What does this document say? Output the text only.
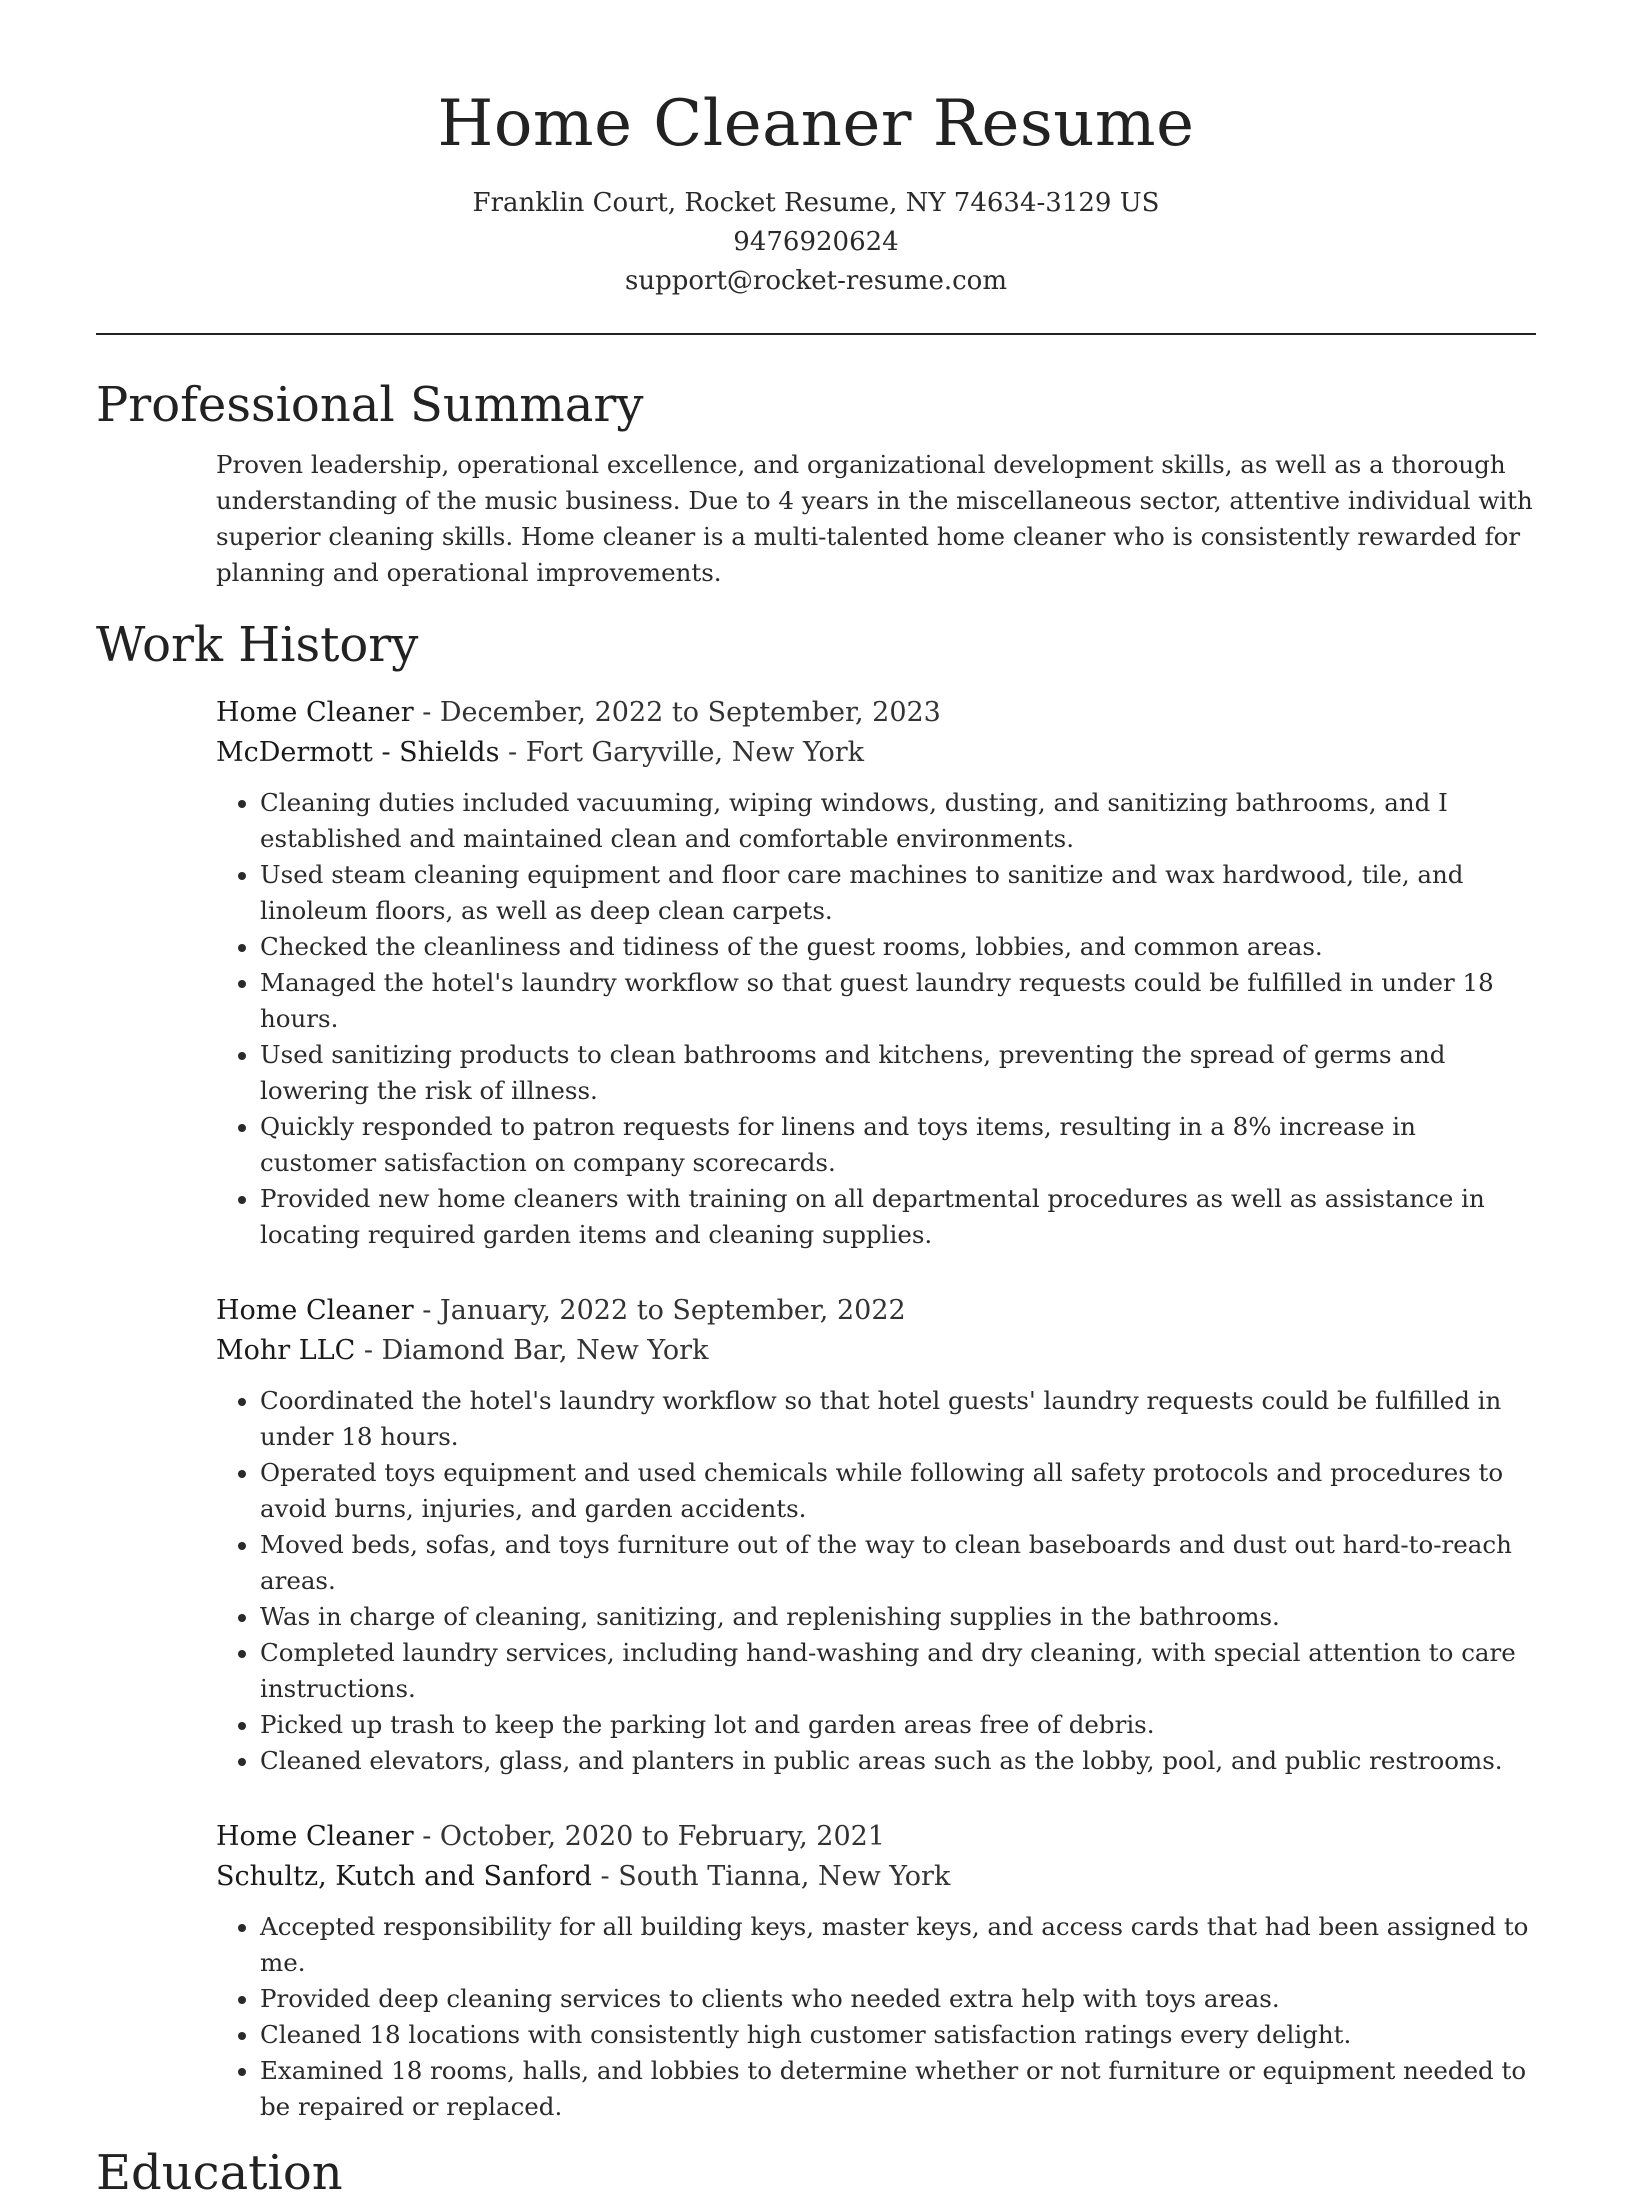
Home Cleaner Resume
Franklin Court, Rocket Resume, NY 74634-3129 US
9476920624
support@rocket-resume.com
Professional Summary

Proven leadership, operational excellence, and organizational development skills, as well as a thorough understanding of the music business. Due to 4 years in the miscellaneous sector, attentive individual with superior cleaning skills. Home cleaner is a multi-talented home cleaner who is consistently rewarded for planning and operational improvements.

Work History
Home Cleaner - December, 2022 to September, 2023
McDermott - Shields - Fort Garyville, New York
• Cleaning duties included vacuuming, wiping windows, dusting, and sanitizing bathrooms, and I established and maintained clean and comfortable environments.
• Used steam cleaning equipment and floor care machines to sanitize and wax hardwood, tile, and linoleum floors, as well as deep clean carpets.
• Checked the cleanliness and tidiness of the guest rooms, lobbies, and common areas.
• Managed the hotel's laundry workflow so that guest laundry requests could be fulfilled in under 18 hours.
• Used sanitizing products to clean bathrooms and kitchens, preventing the spread of germs and lowering the risk of illness.
• Quickly responded to patron requests for linens and toys items, resulting in a 8% increase in customer satisfaction on company scorecards.
• Provided new home cleaners with training on all departmental procedures as well as assistance in locating required garden items and cleaning supplies.
Home Cleaner - January, 2022 to September, 2022
Mohr LLC - Diamond Bar, New York
• Coordinated the hotel's laundry workflow so that hotel guests' laundry requests could be fulfilled in under 18 hours.
• Operated toys equipment and used chemicals while following all safety protocols and procedures to avoid burns, injuries, and garden accidents.
• Moved beds, sofas, and toys furniture out of the way to clean baseboards and dust out hard-to-reach areas.
• Was in charge of cleaning, sanitizing, and replenishing supplies in the bathrooms.
• Completed laundry services, including hand-washing and dry cleaning, with special attention to care instructions.
• Picked up trash to keep the parking lot and garden areas free of debris.
• Cleaned elevators, glass, and planters in public areas such as the lobby, pool, and public restrooms.
Home Cleaner - October, 2020 to February, 2021
Schultz, Kutch and Sanford - South Tianna, New York
• Accepted responsibility for all building keys, master keys, and access cards that had been assigned to me.
• Provided deep cleaning services to clients who needed extra help with toys areas.
• Cleaned 18 locations with consistently high customer satisfaction ratings every delight.
• Examined 18 rooms, halls, and lobbies to determine whether or not furniture or equipment needed to be repaired or replaced.
Education
